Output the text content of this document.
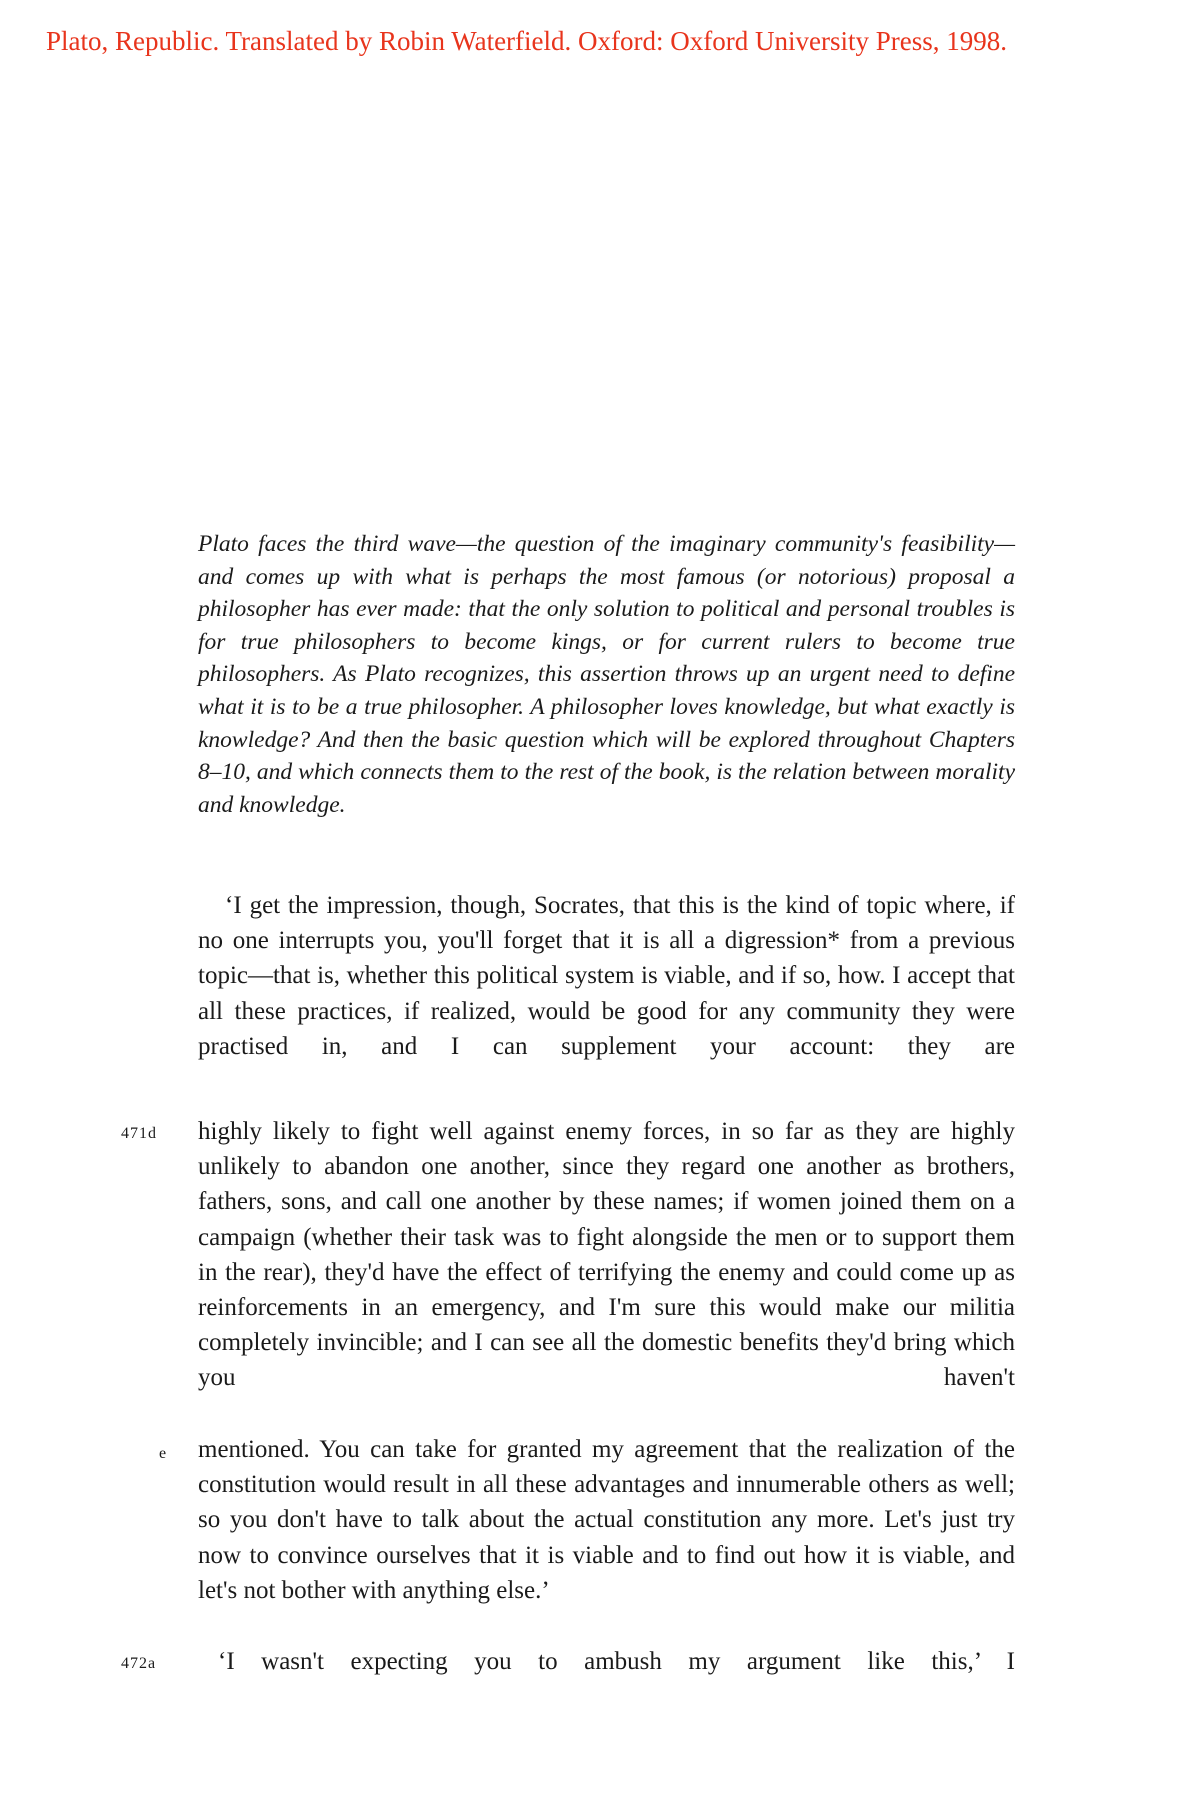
Plato, Republic. Translated by Robin Waterfield. Oxford: Oxford University Press, 1998.

Plato faces the third wave—the question of the imaginary community's feasibility—and comes up with what is perhaps the most famous (or notorious) proposal a philosopher has ever made: that the only solution to political and personal troubles is for true philosophers to become kings, or for current rulers to become true philosophers. As Plato recognizes, this assertion throws up an urgent need to define what it is to be a true philosopher. A philosopher loves knowledge, but what exactly is knowledge? And then the basic question which will be explored throughout Chapters 8–10, and which connects them to the rest of the book, is the relation between morality and knowledge.

‘I get the impression, though, Socrates, that this is the kind of topic where, if no one interrupts you, you'll forget that it is all a digression* from a previous topic—that is, whether this political system is viable, and if so, how. I accept that all these practices, if realized, would be good for any community they were practised in, and I can supplement your account: they are

471d highly likely to fight well against enemy forces, in so far as they are highly unlikely to abandon one another, since they regard one another as brothers, fathers, sons, and call one another by these names; if women joined them on a campaign (whether their task was to fight alongside the men or to support them in the rear), they'd have the effect of terrifying the enemy and could come up as reinforcements in an emergency, and I'm sure this would make our militia completely invincible; and I can see all the domestic benefits they'd bring which you haven't

e mentioned. You can take for granted my agreement that the realization of the constitution would result in all these advantages and innumerable others as well; so you don't have to talk about the actual constitution any more. Let's just try now to convince ourselves that it is viable and to find out how it is viable, and let's not bother with anything else.’

472a	‘I wasn't expecting you to ambush my argument like this,’ I
